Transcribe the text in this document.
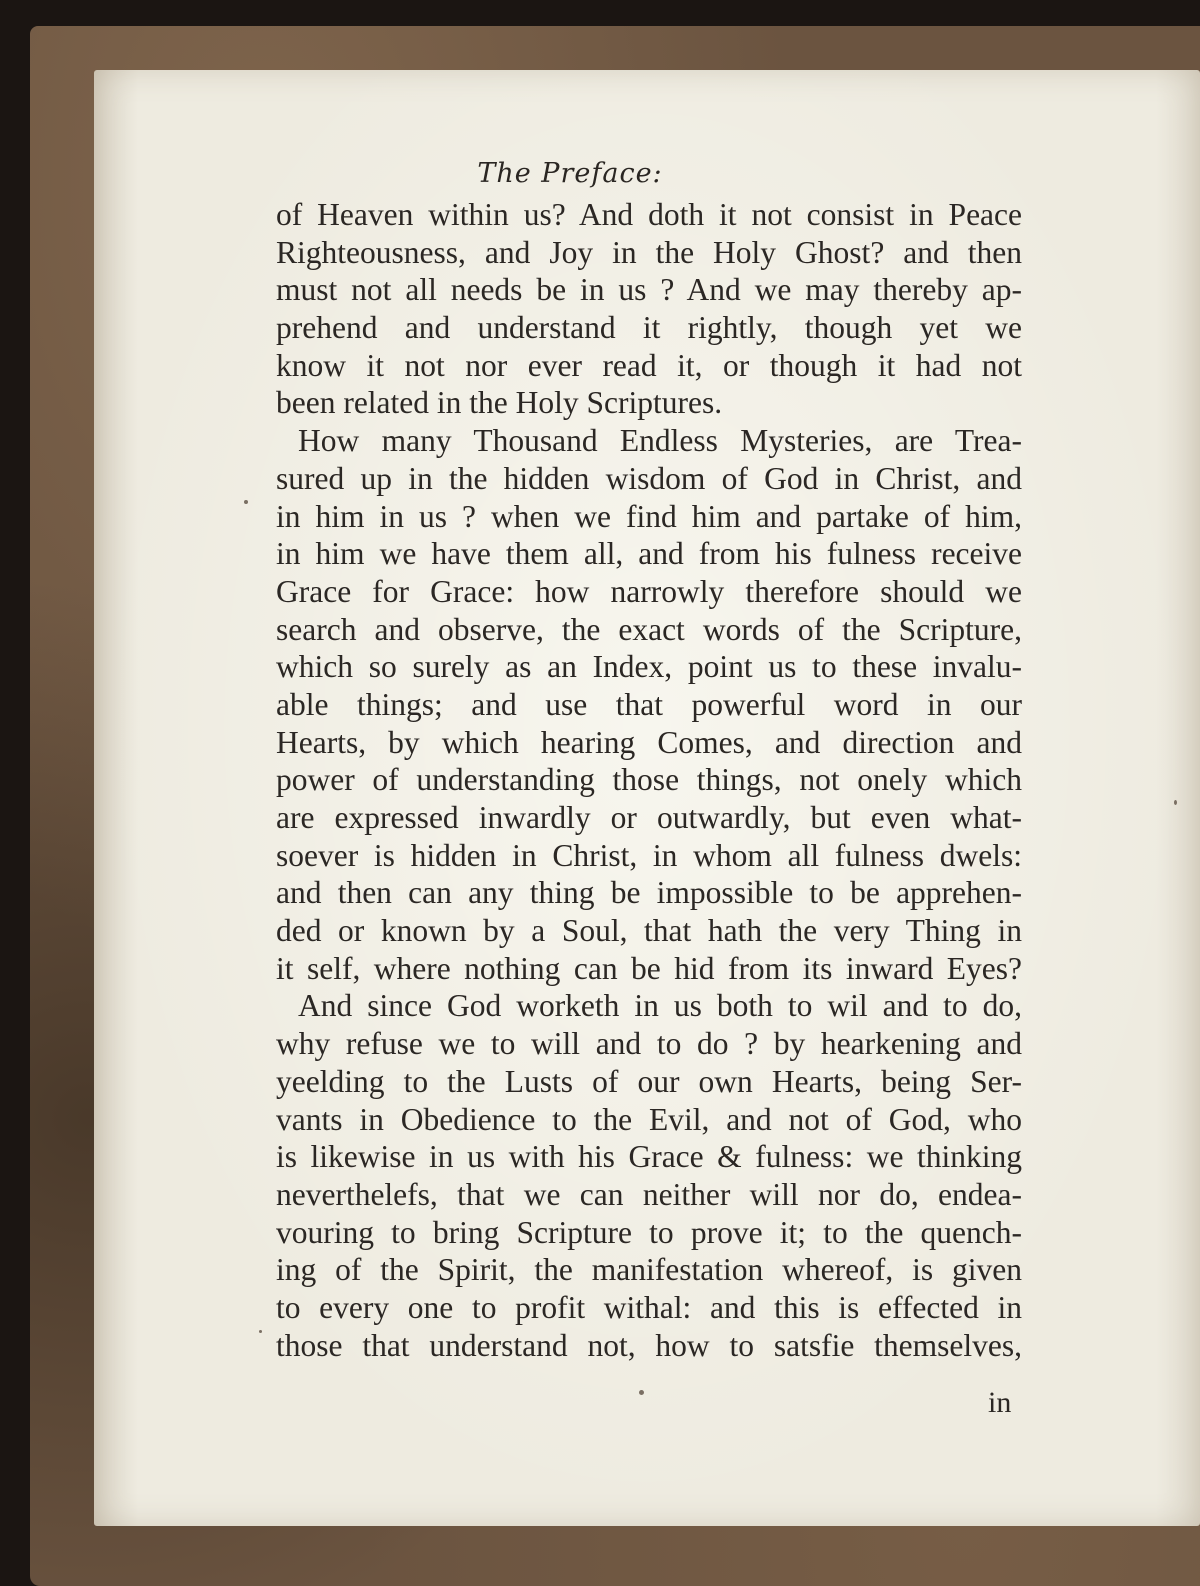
The Preface:
of Heaven within us? And doth it not consist in Peace
Righteousness, and Joy in the Holy Ghost? and then
must not all needs be in us ? And we may thereby ap-
prehend and understand it rightly, though yet we
know it not nor ever read it, or though it had not
been related in the Holy Scriptures.
How many Thousand Endless Mysteries, are Trea-
sured up in the hidden wisdom of God in Christ, and
in him in us ? when we find him and partake of him,
in him we have them all, and from his fulness receive
Grace for Grace: how narrowly therefore should we
search and observe, the exact words of the Scripture,
which so surely as an Index, point us to these invalu-
able things; and use that powerful word in our
Hearts, by which hearing Comes, and direction and
power of understanding those things, not onely which
are expressed inwardly or outwardly, but even what-
soever is hidden in Christ, in whom all fulness dwels:
and then can any thing be impossible to be apprehen-
ded or known by a Soul, that hath the very Thing in
it self, where nothing can be hid from its inward Eyes?
And since God worketh in us both to wil and to do,
why refuse we to will and to do ? by hearkening and
yeelding to the Lusts of our own Hearts, being Ser-
vants in Obedience to the Evil, and not of God, who
is likewise in us with his Grace & fulness: we thinking
neverthelefs, that we can neither will nor do, endea-
vouring to bring Scripture to prove it; to the quench-
ing of the Spirit, the manifestation whereof, is given
to every one to profit withal: and this is effected in
those that understand not, how to satsfie themselves,
in
